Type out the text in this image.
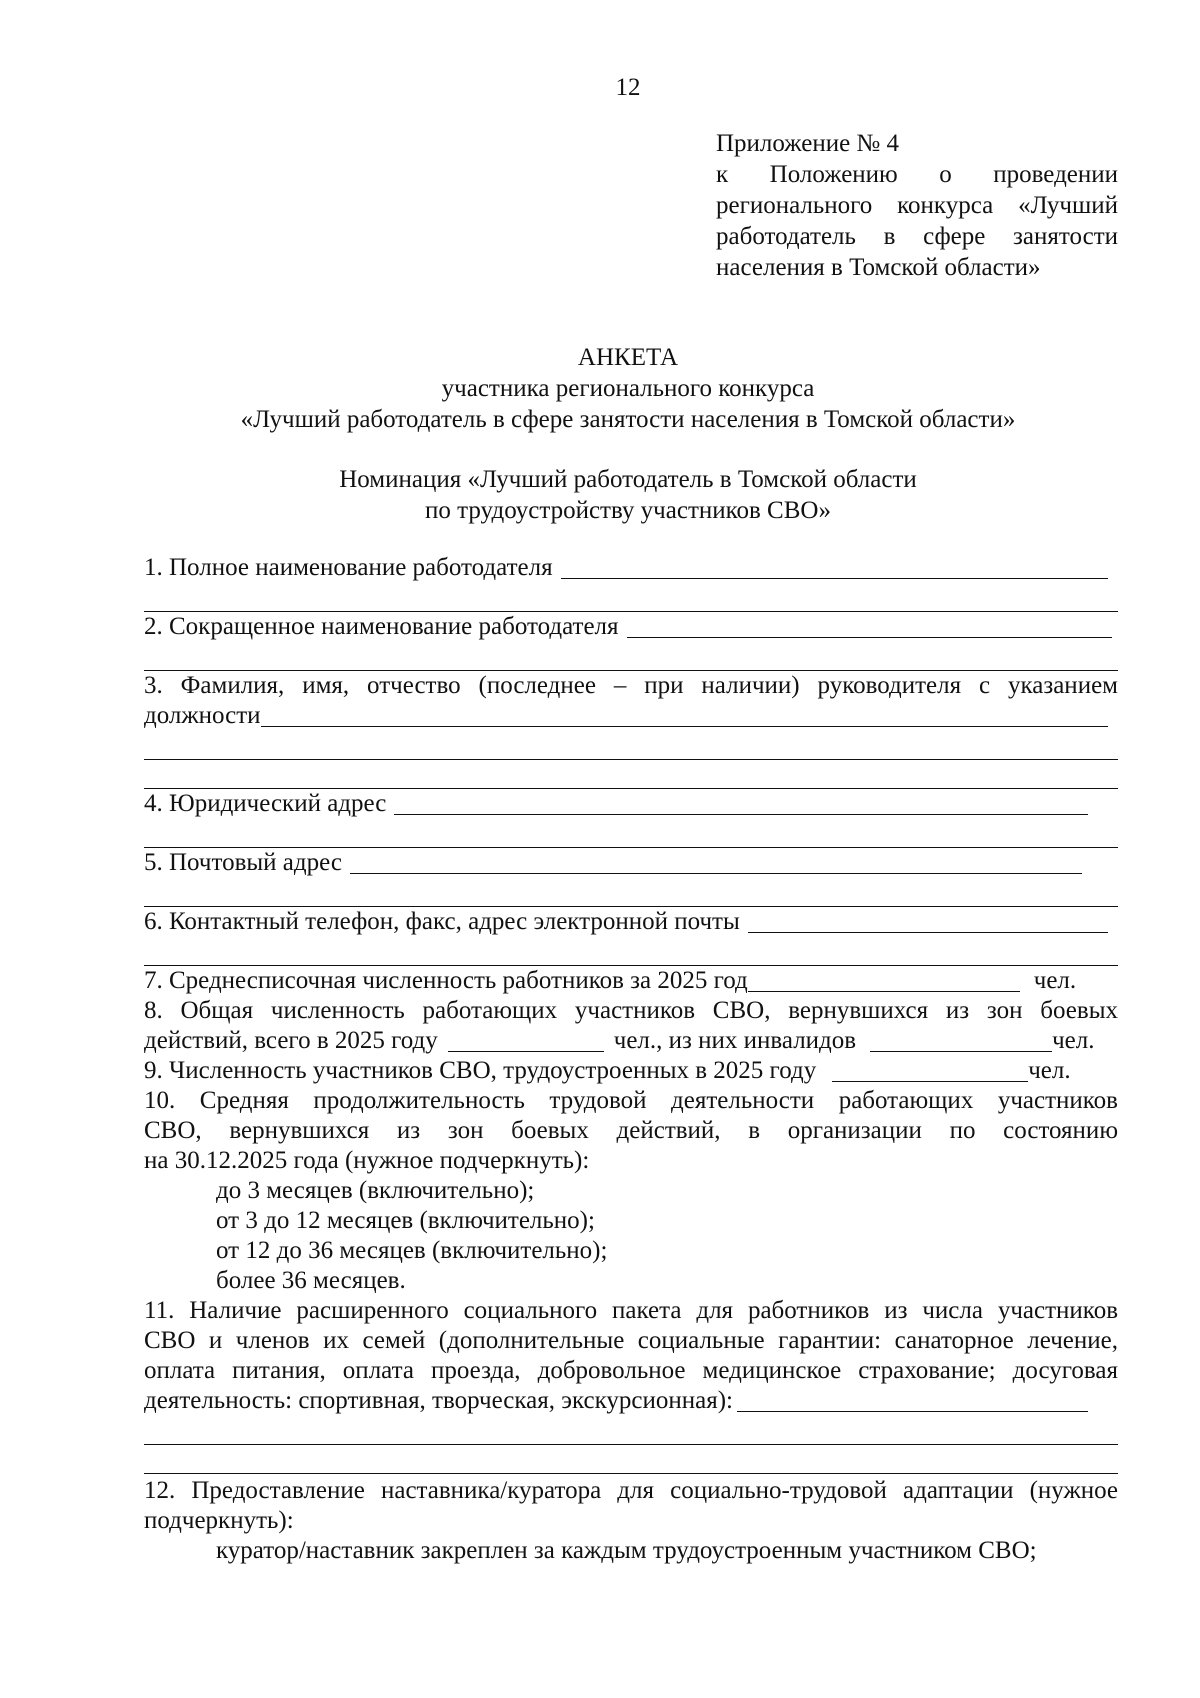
12
Приложение № 4
к Положению о проведении
регионального конкурса «Лучший
работодатель в сфере занятости
населения в Томской области»
АНКЕТА
участника регионального конкурса
«Лучший работодатель в сфере занятости населения в Томской области»
Номинация «Лучший работодатель в Томской области
по трудоустройству участников СВО»
1. Полное наименование работодателя
2. Сокращенное наименование работодателя
3. Фамилия, имя, отчество (последнее – при наличии) руководителя с указанием
должности
4. Юридический адрес
5. Почтовый адрес
6. Контактный телефон, факс, адрес электронной почты
7. Среднесписочная численность работников за 2025 год	чел.
8. Общая численность работающих участников СВО, вернувшихся из зон боевых
действий, всего в 2025 году	чел., из них инвалидов	чел.
9. Численность участников СВО, трудоустроенных в 2025 году	чел.
10. Средняя продолжительность трудовой деятельности работающих участников
СВО, вернувшихся из зон боевых действий, в организации по состоянию
на 30.12.2025 года (нужное подчеркнуть):
до 3 месяцев (включительно);
от 3 до 12 месяцев (включительно);
от 12 до 36 месяцев (включительно);
более 36 месяцев.
11. Наличие расширенного социального пакета для работников из числа участников
СВО и членов их семей (дополнительные социальные гарантии: санаторное лечение,
оплата питания, оплата проезда, добровольное медицинское страхование; досуговая
деятельность: спортивная, творческая, экскурсионная):
12. Предоставление наставника/куратора для социально-трудовой адаптации (нужное
подчеркнуть):
куратор/наставник закреплен за каждым трудоустроенным участником СВО;
